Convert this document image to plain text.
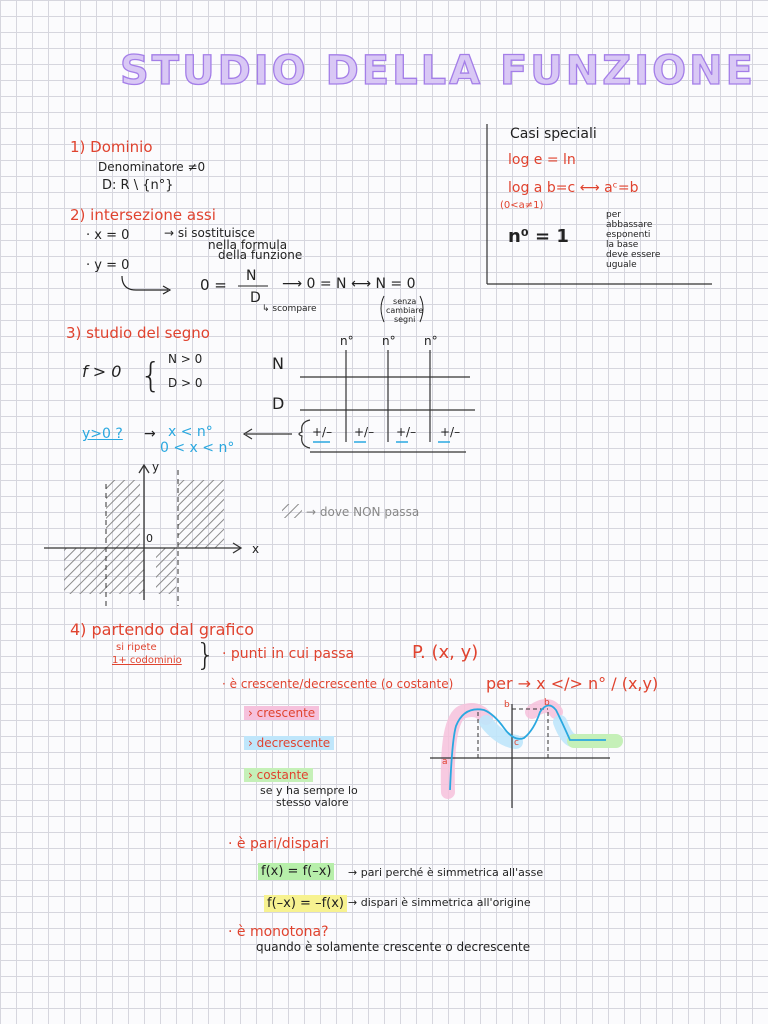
STUDIO DELLA FUNZIONE
Casi speciali
log e = ln
log a b=c ⟷ aᶜ=b
(0<a≠1)
n⁰ = 1
per
abbassare
esponenti
la base
deve essere
uguale
1) Dominio
Denominatore ≠0
D: R \ {n°}
2) intersezione assi
· x = 0	→ si sostituisce
nella formula
della funzione
· y = 0
0 = N
D
⟶ 0 = N ⟷ N = 0
↳ scompare
senza
cambiare
segni
3) studio del segno
f > 0 { N > 0
D > 0
n° n° n°
N
D
+/– +/– +/– +/–
y>0 ? → x < n°
0 < x < n°
y
x
0
→ dove NON passa
4) partendo dal grafico
si ripete
1+ codominio } · punti in cui passa	P. (x, y)
· è crescente/decrescente (o costante) per → x </> n° / (x,y)
› crescente
› decrescente
› costante
se y ha sempre lo
stesso valore
a
b	b
c
· è pari/dispari
f(x) = f(–x) → pari perché è simmetrica all'asse
f(–x) = –f(x) → dispari è simmetrica all'origine
· è monotona?
quando è solamente crescente o decrescente
